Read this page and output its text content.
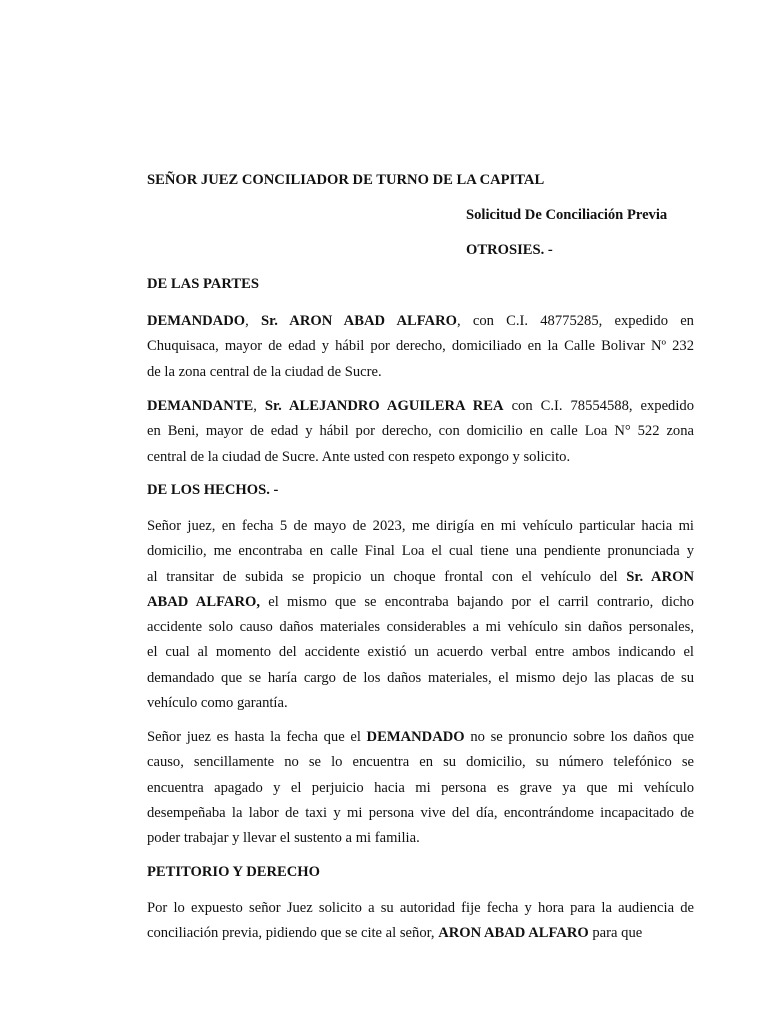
SEÑOR JUEZ CONCILIADOR DE TURNO DE LA CAPITAL
Solicitud De Conciliación Previa
OTROSIES. -
DE LAS PARTES
DEMANDADO, Sr. ARON ABAD ALFARO, con C.I. 48775285, expedido en
Chuquisaca, mayor de edad y hábil por derecho, domiciliado en la Calle Bolivar Nº 232
de la zona central de la ciudad de Sucre.
DEMANDANTE, Sr. ALEJANDRO AGUILERA REA con C.I. 78554588, expedido
en Beni, mayor de edad y hábil por derecho, con domicilio en calle Loa N° 522 zona
central de la ciudad de Sucre. Ante usted con respeto expongo y solicito.
DE LOS HECHOS. -
Señor juez, en fecha 5 de mayo de 2023, me dirigía en mi vehículo particular hacia mi
domicilio, me encontraba en calle Final Loa el cual tiene una pendiente pronunciada y
al transitar de subida se propicio un choque frontal con el vehículo del Sr. ARON
ABAD ALFARO, el mismo que se encontraba bajando por el carril contrario, dicho
accidente solo causo daños materiales considerables a mi vehículo sin daños personales,
el cual al momento del accidente existió un acuerdo verbal entre ambos indicando el
demandado que se haría cargo de los daños materiales, el mismo dejo las placas de su
vehículo como garantía.
Señor juez es hasta la fecha que el DEMANDADO no se pronuncio sobre los daños que
causo, sencillamente no se lo encuentra en su domicilio, su número telefónico se
encuentra apagado y el perjuicio hacia mi persona es grave ya que mi vehículo
desempeñaba la labor de taxi y mi persona vive del día, encontrándome incapacitado de
poder trabajar y llevar el sustento a mi familia.
PETITORIO Y DERECHO
Por lo expuesto señor Juez solicito a su autoridad fije fecha y hora para la audiencia de
conciliación previa, pidiendo que se cite al señor, ARON ABAD ALFARO para que
